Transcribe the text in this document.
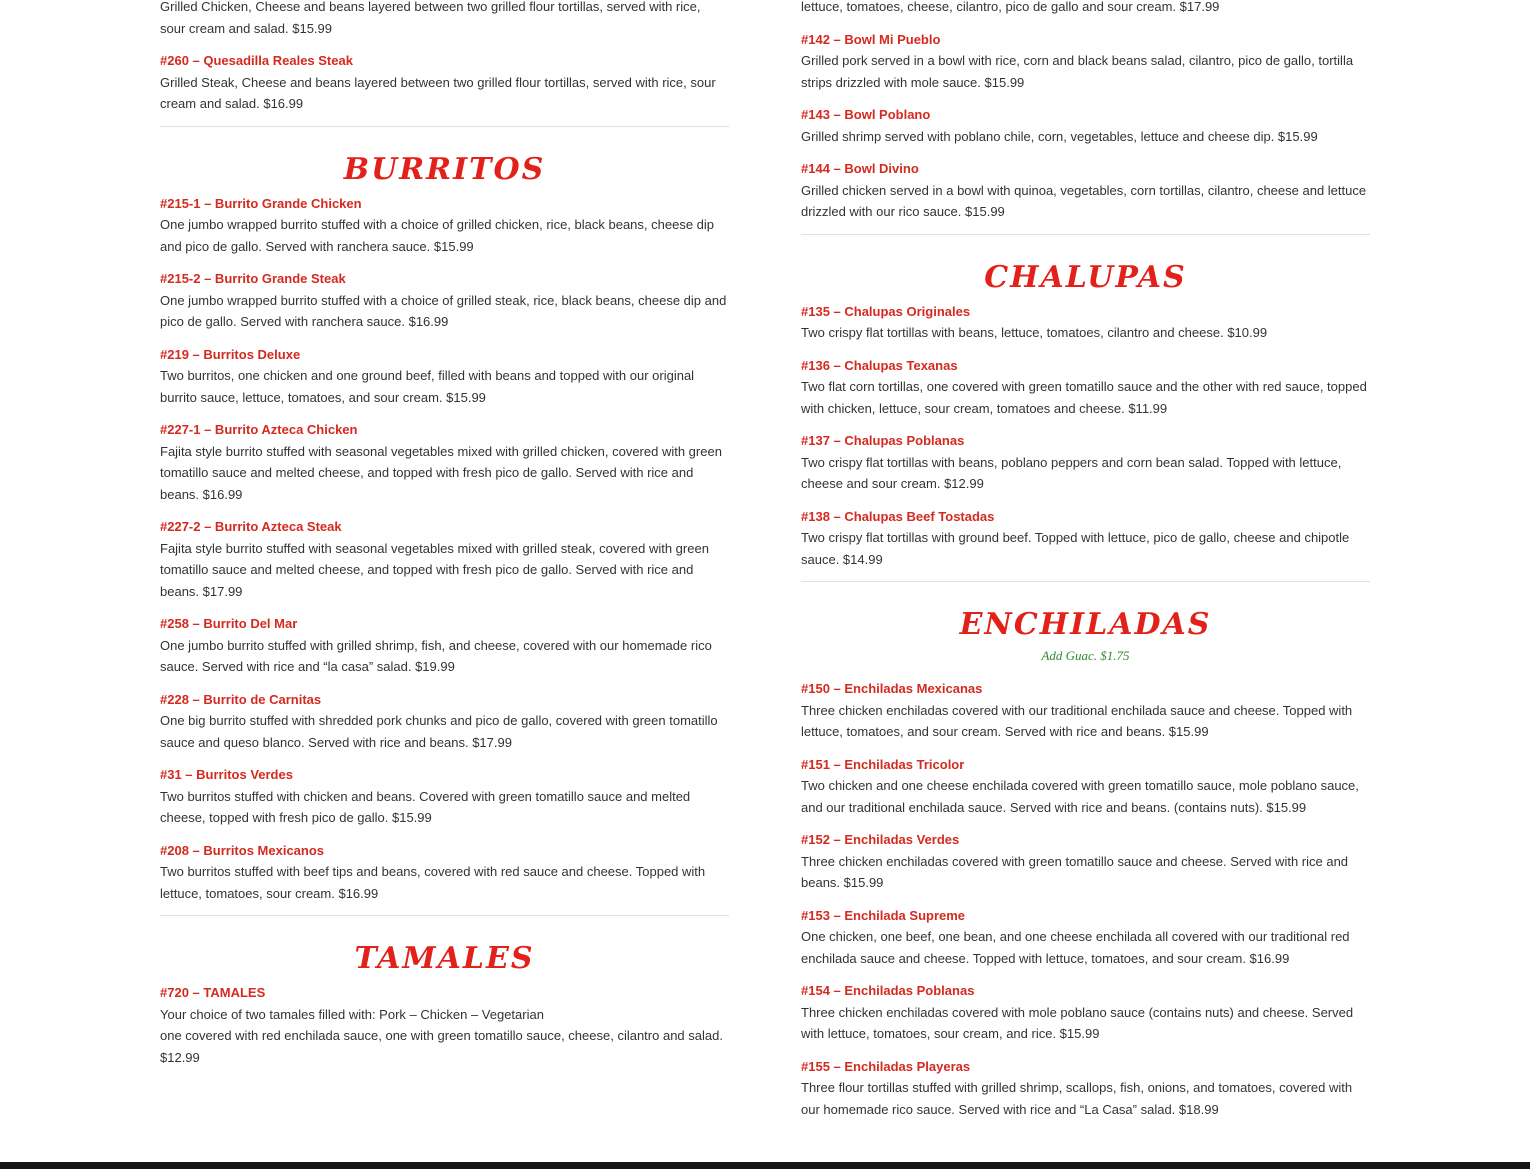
Grilled Chicken, Cheese and beans layered between two grilled flour tortillas, served with rice, sour cream and salad. $15.99

#260 – Quesadilla Reales Steak

Grilled Steak, Cheese and beans layered between two grilled flour tortillas, served with rice, sour cream and salad. $16.99

BURRITOS

#215-1 – Burrito Grande Chicken

One jumbo wrapped burrito stuffed with a choice of grilled chicken, rice, black beans, cheese dip and pico de gallo. Served with ranchera sauce. $15.99

#215-2 – Burrito Grande Steak

One jumbo wrapped burrito stuffed with a choice of grilled steak, rice, black beans, cheese dip and pico de gallo. Served with ranchera sauce. $16.99

#219 – Burritos Deluxe

Two burritos, one chicken and one ground beef, filled with beans and topped with our original burrito sauce, lettuce, tomatoes, and sour cream. $15.99

#227-1 – Burrito Azteca Chicken

Fajita style burrito stuffed with seasonal vegetables mixed with grilled chicken, covered with green tomatillo sauce and melted cheese, and topped with fresh pico de gallo. Served with rice and beans. $16.99

#227-2 – Burrito Azteca Steak

Fajita style burrito stuffed with seasonal vegetables mixed with grilled steak, covered with green tomatillo sauce and melted cheese, and topped with fresh pico de gallo. Served with rice and beans. $17.99

#258 – Burrito Del Mar

One jumbo burrito stuffed with grilled shrimp, fish, and cheese, covered with our homemade rico sauce. Served with rice and “la casa” salad. $19.99

#228 – Burrito de Carnitas

One big burrito stuffed with shredded pork chunks and pico de gallo, covered with green tomatillo sauce and queso blanco. Served with rice and beans. $17.99

#31 – Burritos Verdes

Two burritos stuffed with chicken and beans. Covered with green tomatillo sauce and melted cheese, topped with fresh pico de gallo. $15.99

#208 – Burritos Mexicanos

Two burritos stuffed with beef tips and beans, covered with red sauce and cheese. Topped with lettuce, tomatoes, sour cream. $16.99

TAMALES

#720 – TAMALES

Your choice of two tamales filled with: Pork – Chicken – Vegetarian

one covered with red enchilada sauce, one with green tomatillo sauce, cheese, cilantro and salad. $12.99

lettuce, tomatoes, cheese, cilantro, pico de gallo and sour cream. $17.99

#142 – Bowl Mi Pueblo

Grilled pork served in a bowl with rice, corn and black beans salad, cilantro, pico de gallo, tortilla strips drizzled with mole sauce. $15.99

#143 – Bowl Poblano

Grilled shrimp served with poblano chile, corn, vegetables, lettuce and cheese dip. $15.99

#144 – Bowl Divino

Grilled chicken served in a bowl with quinoa, vegetables, corn tortillas, cilantro, cheese and lettuce drizzled with our rico sauce. $15.99

CHALUPAS

#135 – Chalupas Originales

Two crispy flat tortillas with beans, lettuce, tomatoes, cilantro and cheese. $10.99

#136 – Chalupas Texanas

Two flat corn tortillas, one covered with green tomatillo sauce and the other with red sauce, topped with chicken, lettuce, sour cream, tomatoes and cheese. $11.99

#137 – Chalupas Poblanas

Two crispy flat tortillas with beans, poblano peppers and corn bean salad. Topped with lettuce, cheese and sour cream. $12.99

#138 – Chalupas Beef Tostadas

Two crispy flat tortillas with ground beef. Topped with lettuce, pico de gallo, cheese and chipotle sauce. $14.99

ENCHILADAS

Add Guac. $1.75

#150 – Enchiladas Mexicanas

Three chicken enchiladas covered with our traditional enchilada sauce and cheese. Topped with lettuce, tomatoes, and sour cream. Served with rice and beans. $15.99

#151 – Enchiladas Tricolor

Two chicken and one cheese enchilada covered with green tomatillo sauce, mole poblano sauce, and our traditional enchilada sauce. Served with rice and beans. (contains nuts). $15.99

#152 – Enchiladas Verdes

Three chicken enchiladas covered with green tomatillo sauce and cheese. Served with rice and beans. $15.99

#153 – Enchilada Supreme

One chicken, one beef, one bean, and one cheese enchilada all covered with our traditional red enchilada sauce and cheese. Topped with lettuce, tomatoes, and sour cream. $16.99

#154 – Enchiladas Poblanas

Three chicken enchiladas covered with mole poblano sauce (contains nuts) and cheese. Served with lettuce, tomatoes, sour cream, and rice. $15.99

#155 – Enchiladas Playeras

Three flour tortillas stuffed with grilled shrimp, scallops, fish, onions, and tomatoes, covered with our homemade rico sauce. Served with rice and “La Casa” salad. $18.99
